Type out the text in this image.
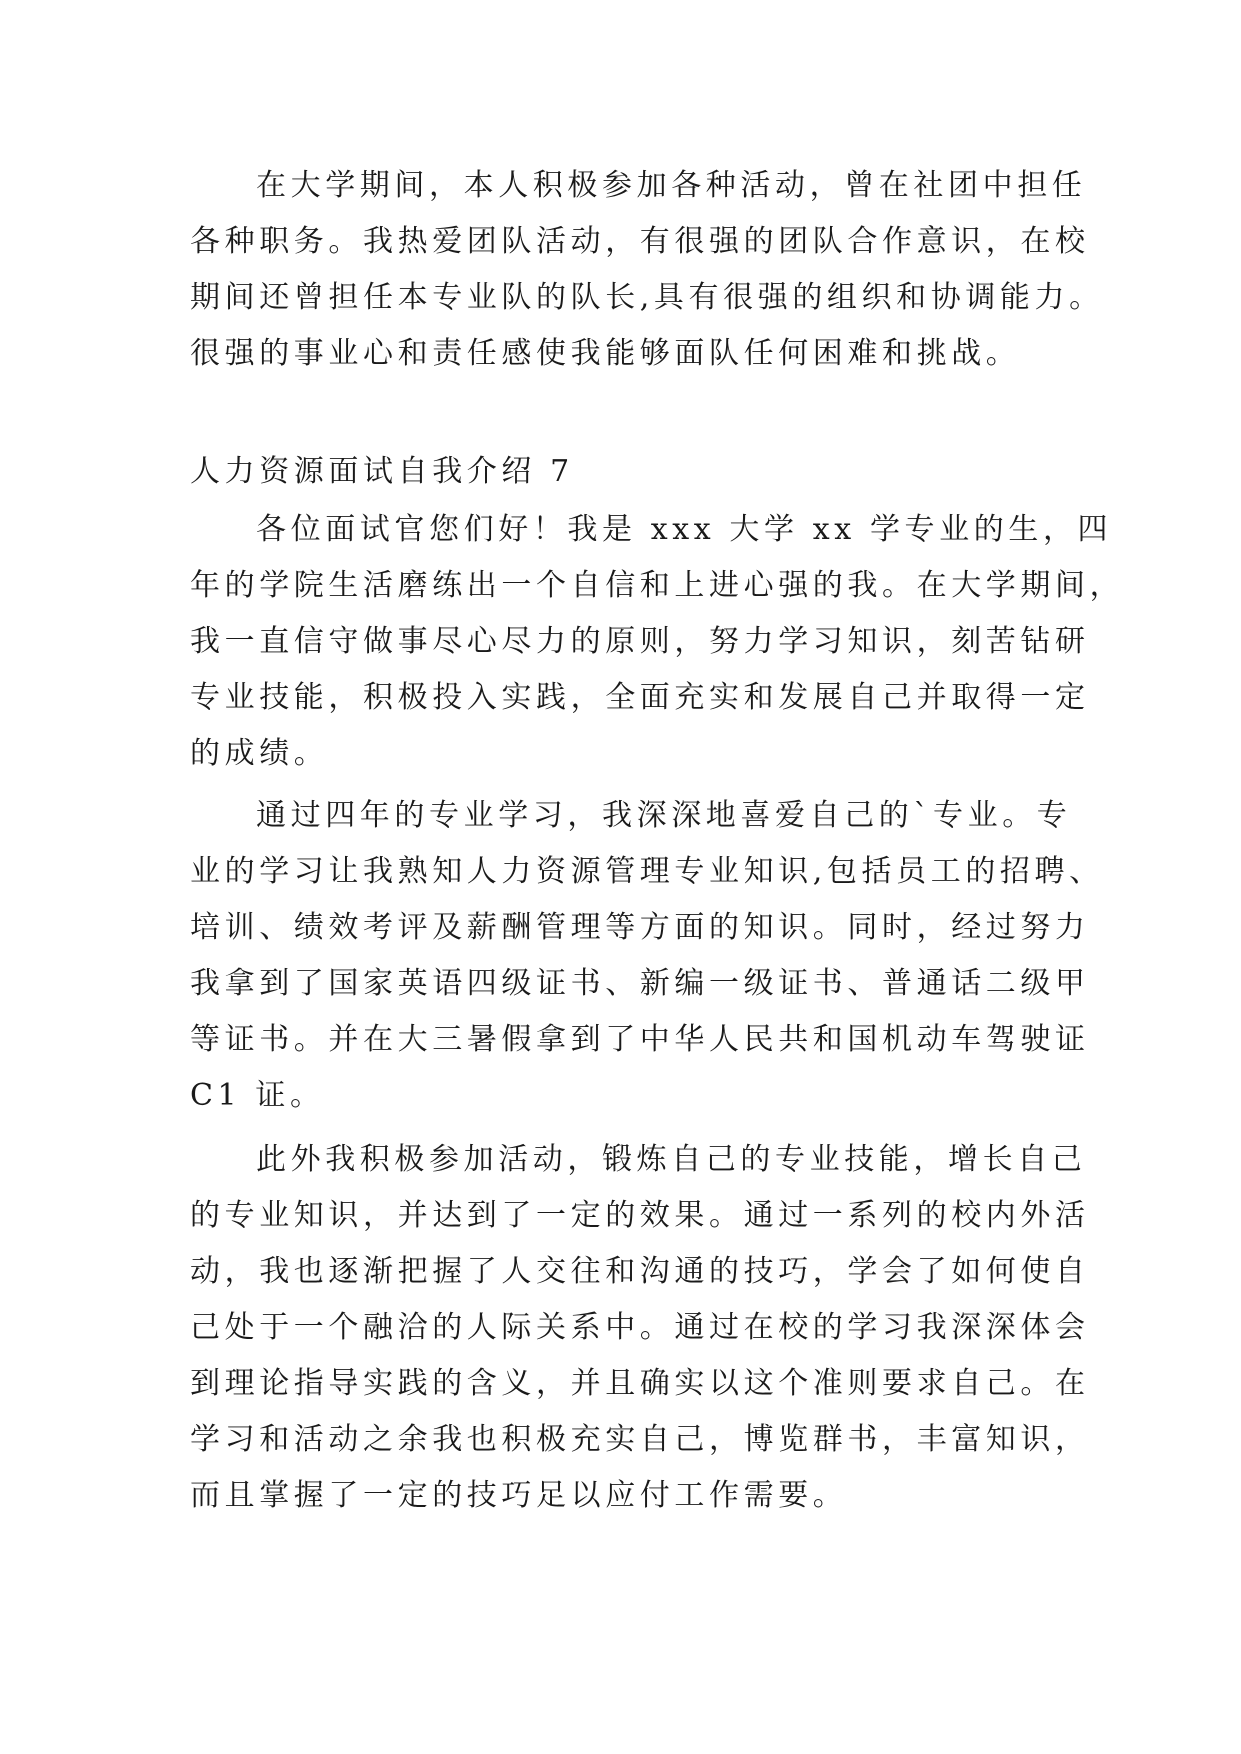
在大学期间，本人积极参加各种活动，曾在社团中担任
各种职务。我热爱团队活动，有很强的团队合作意识，在校
期间还曾担任本专业队的队长,具有很强的组织和协调能力。
很强的事业心和责任感使我能够面队任何困难和挑战。
人力资源面试自我介绍 7
各位面试官您们好！我是 xxx 大学 xx 学专业的生，四
年的学院生活磨练出一个自信和上进心强的我。在大学期间，
我一直信守做事尽心尽力的原则，努力学习知识，刻苦钻研
专业技能，积极投入实践，全面充实和发展自己并取得一定
的成绩。
通过四年的专业学习，我深深地喜爱自己的`专业。专
业的学习让我熟知人力资源管理专业知识,包括员工的招聘、
培训、绩效考评及薪酬管理等方面的知识。同时，经过努力
我拿到了国家英语四级证书、新编一级证书、普通话二级甲
等证书。并在大三暑假拿到了中华人民共和国机动车驾驶证
C1 证。
此外我积极参加活动，锻炼自己的专业技能，增长自己
的专业知识，并达到了一定的效果。通过一系列的校内外活
动，我也逐渐把握了人交往和沟通的技巧，学会了如何使自
己处于一个融洽的人际关系中。通过在校的学习我深深体会
到理论指导实践的含义，并且确实以这个准则要求自己。在
学习和活动之余我也积极充实自己，博览群书，丰富知识，
而且掌握了一定的技巧足以应付工作需要。
